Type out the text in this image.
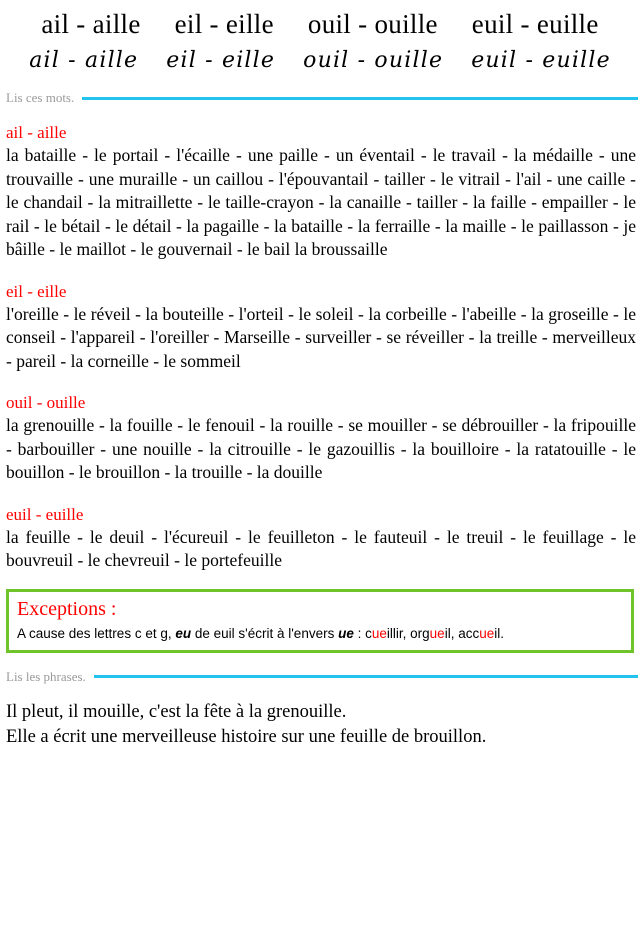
ail - aille eil - eille ouil - ouille euil - euille
ail - aille eil - eille ouil - ouille euil - euille
Lis ces mots.
ail - aille

la bataille - le portail - l'écaille - une paille - un éventail - le travail - la médaille - une trouvaille - une muraille - un caillou - l'épouvantail - tailler - le vitrail - l'ail - une caille - le chandail - la mitraillette - le taille-crayon - la canaille - tailler - la faille - empailler - le rail - le bétail - le détail - la pagaille - la bataille - la ferraille - la maille - le paillasson - je bâille - le maillot - le gouvernail - le bail la broussaille

eil - eille

l'oreille - le réveil - la bouteille - l'orteil - le soleil - la corbeille - l'abeille - la groseille - le conseil - l'appareil - l'oreiller - Marseille - surveiller - se réveiller - la treille - merveilleux - pareil - la corneille - le sommeil

ouil - ouille

la grenouille - la fouille - le fenouil - la rouille - se mouiller - se débrouiller - la fripouille - barbouiller - une nouille - la citrouille - le gazouillis - la bouilloire - la ratatouille - le bouillon - le brouillon - la trouille - la douille

euil - euille

la feuille - le deuil - l'écureuil - le feuilleton - le fauteuil - le treuil - le feuillage - le bouvreuil - le chevreuil - le portefeuille

Exceptions :
A cause des lettres c et g, eu de euil s'écrit à l'envers ue : cueillir, orgueil, accueil.
Lis les phrases.

Il pleut, il mouille, c'est la fête à la grenouille.

Elle a écrit une merveilleuse histoire sur une feuille de brouillon.
